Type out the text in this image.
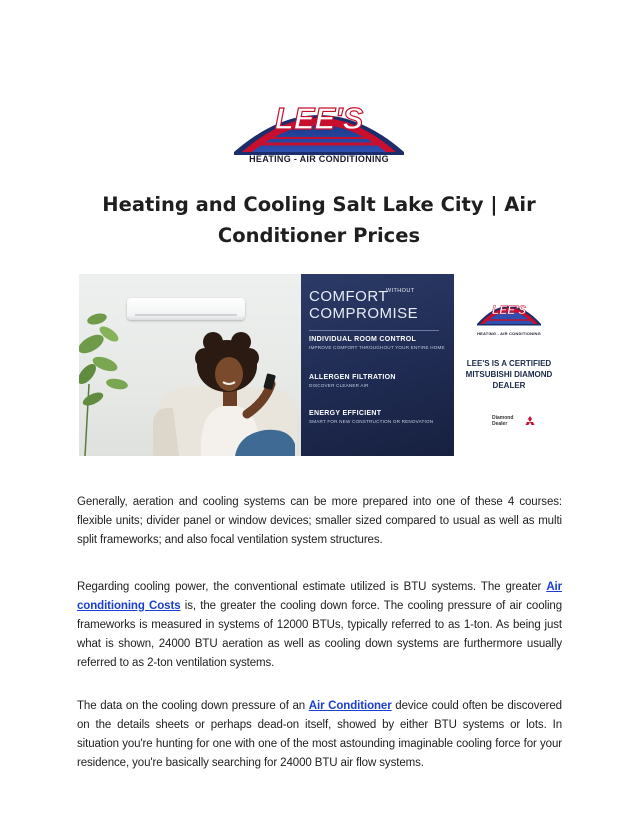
LEE'S
HEATING - AIR CONDITIONING
Heating and Cooling Salt Lake City | Air Conditioner Prices
COMFORT
WITHOUT
COMPROMISE
INDIVIDUAL ROOM CONTROL
IMPROVE COMFORT THROUGHOUT YOUR ENTIRE HOME
ALLERGEN FILTRATION
DISCOVER CLEANER AIR
ENERGY EFFICIENT
SMART FOR NEW CONSTRUCTION OR RENOVATION
LEE'S
HEATING - AIR CONDITIONING
LEE'S IS A CERTIFIED MITSUBISHI DIAMOND DEALER
Diamond
Dealer

Generally, aeration and cooling systems can be more prepared into one of these 4 courses: flexible units; divider panel or window devices; smaller sized compared to usual as well as multi split frameworks; and also focal ventilation system structures.

Regarding cooling power, the conventional estimate utilized is BTU systems. The greater Air conditioning Costs is, the greater the cooling down force. The cooling pressure of air cooling frameworks is measured in systems of 12000 BTUs, typically referred to as 1-ton. As being just what is shown, 24000 BTU aeration as well as cooling down systems are furthermore usually referred to as 2-ton ventilation systems.

The data on the cooling down pressure of an Air Conditioner device could often be discovered on the details sheets or perhaps dead-on itself, showed by either BTU systems or lots. In situation you're hunting for one with one of the most astounding imaginable cooling force for your residence, you're basically searching for 24000 BTU air flow systems.
